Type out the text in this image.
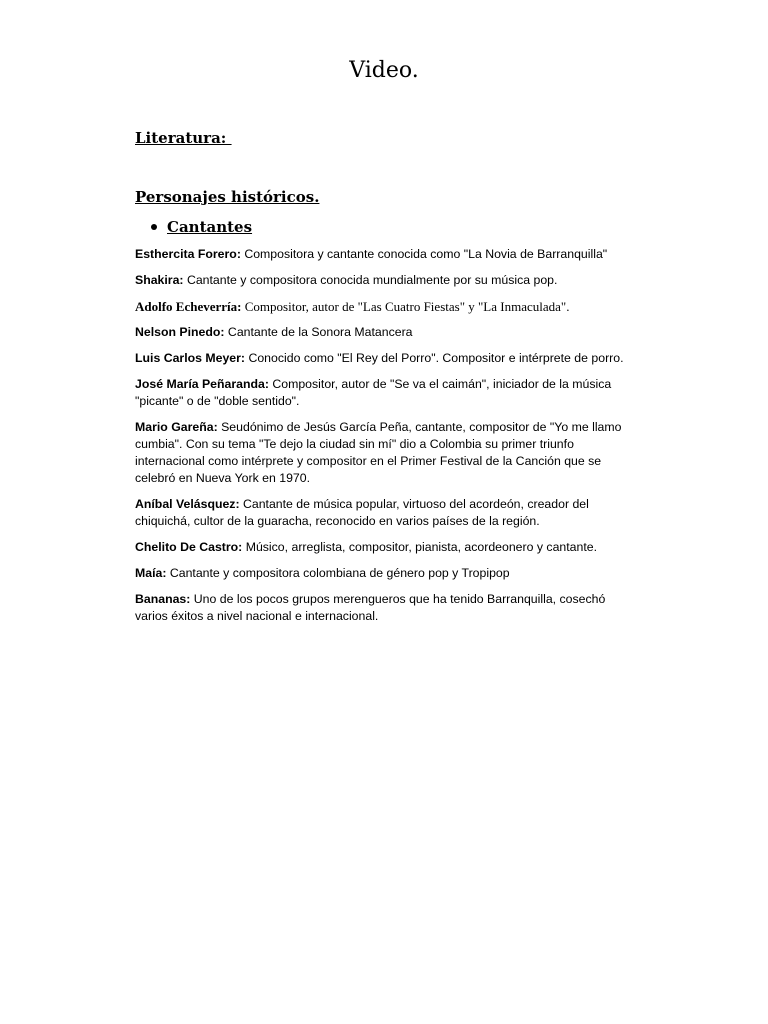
Video.
Literatura:
Personajes históricos.
Cantantes

Esthercita Forero: Compositora y cantante conocida como "La Novia de Barranquilla"

Shakira: Cantante y compositora conocida mundialmente por su música pop.

Adolfo Echeverría: Compositor, autor de "Las Cuatro Fiestas" y "La Inmaculada".

Nelson Pinedo: Cantante de la Sonora Matancera

Luis Carlos Meyer: Conocido como "El Rey del Porro". Compositor e intérprete de porro.

José María Peñaranda: Compositor, autor de "Se va el caimán", iniciador de la música "picante" o de "doble sentido".

Mario Gareña: Seudónimo de Jesús García Peña, cantante, compositor de "Yo me llamo cumbia". Con su tema "Te dejo la ciudad sin mí" dio a Colombia su primer triunfo internacional como intérprete y compositor en el Primer Festival de la Canción que se celebró en Nueva York en 1970.

Aníbal Velásquez: Cantante de música popular, virtuoso del acordeón, creador del chiquichá, cultor de la guaracha, reconocido en varios países de la región.

Chelito De Castro: Músico, arreglista, compositor, pianista, acordeonero y cantante.

Maía: Cantante y compositora colombiana de género pop y Tropipop

Bananas: Uno de los pocos grupos merengueros que ha tenido Barranquilla, cosechó varios éxitos a nivel nacional e internacional.
